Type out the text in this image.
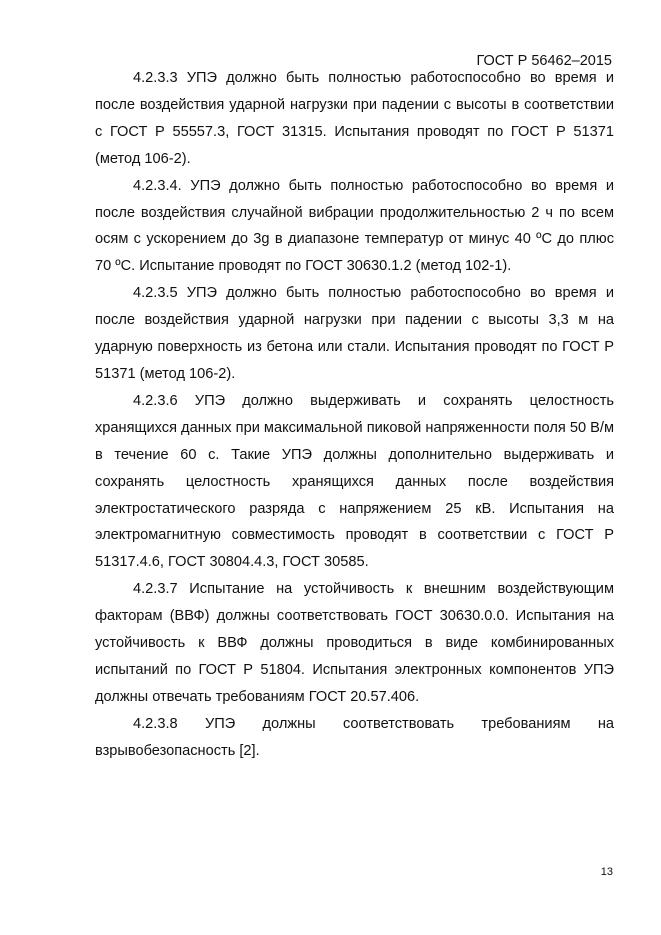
ГОСТ Р 56462–2015

4.2.3.3 УПЭ должно быть полностью работоспособно во время и после воздействия ударной нагрузки при падении с высоты в соответствии с ГОСТ Р 55557.3, ГОСТ 31315. Испытания проводят по ГОСТ Р 51371 (метод 106-2).

4.2.3.4. УПЭ должно быть полностью работоспособно во время и после воздействия случайной вибрации продолжительностью 2 ч по всем осям с ускорением до 3g в диапазоне температур от минус 40 ºС до плюс 70 ºС. Испытание проводят по ГОСТ 30630.1.2 (метод 102-1).

4.2.3.5 УПЭ должно быть полностью работоспособно во время и после воздействия ударной нагрузки при падении с высоты 3,3 м на ударную поверхность из бетона или стали. Испытания проводят по ГОСТ Р 51371 (метод 106-2).

4.2.3.6 УПЭ должно выдерживать и сохранять целостность хранящихся данных при максимальной пиковой напряженности поля 50 В/м в течение 60 с. Такие УПЭ должны дополнительно выдерживать и сохранять целостность хранящихся данных после воздействия электростатического разряда с напряжением 25 кВ. Испытания на электромагнитную совместимость проводят в соответствии с ГОСТ Р 51317.4.6, ГОСТ 30804.4.3, ГОСТ 30585.

4.2.3.7 Испытание на устойчивость к внешним воздействующим факторам (ВВФ) должны соответствовать ГОСТ 30630.0.0. Испытания на устойчивость к ВВФ должны проводиться в виде комбинированных испытаний по ГОСТ Р 51804. Испытания электронных компонентов УПЭ должны отвечать требованиям ГОСТ 20.57.406.

4.2.3.8 УПЭ должны соответствовать требованиям на взрывобезопасность [2].

13
